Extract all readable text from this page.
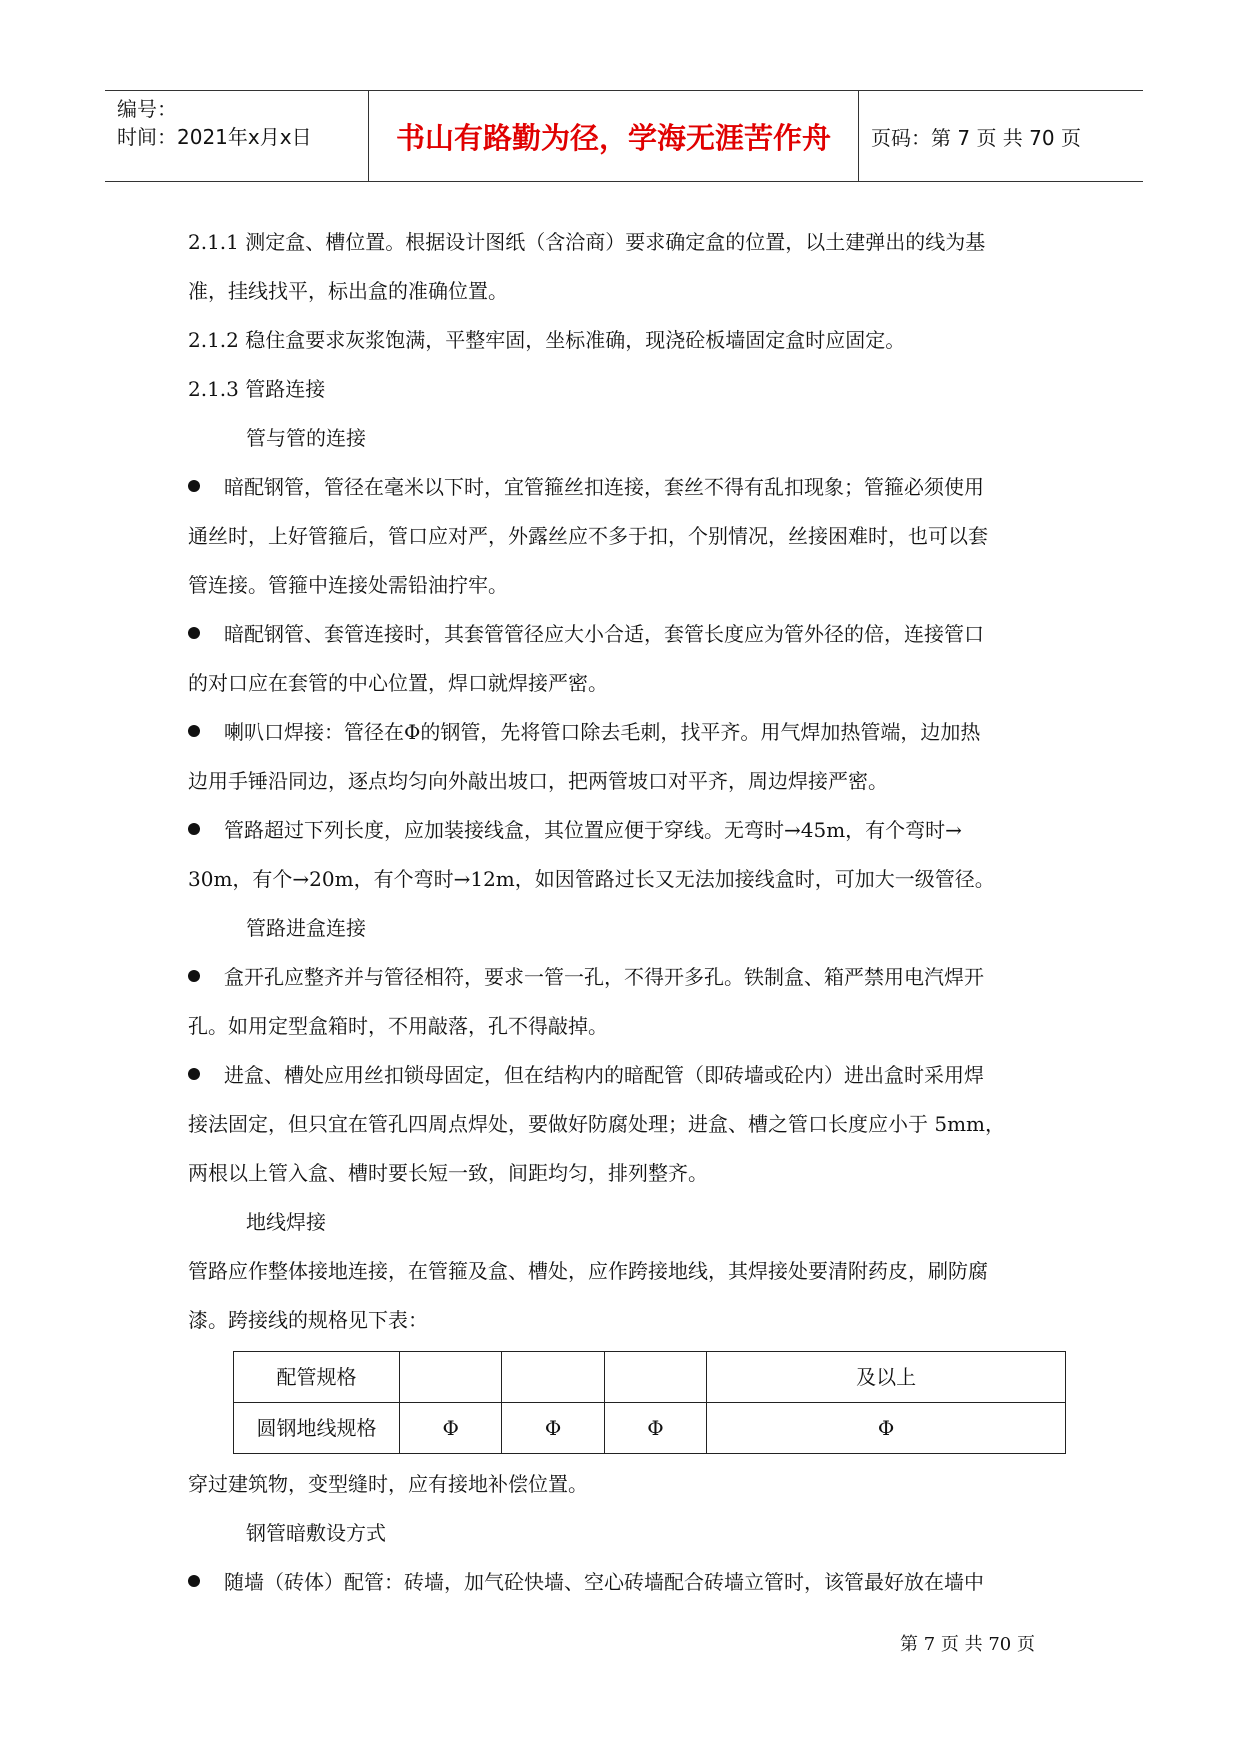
编号：
时间：2021年x月x日	书山有路勤为径，学海无涯苦作舟	页码：第 7 页 共 70 页

2.1.1 测定盒、槽位置。根据设计图纸（含洽商）要求确定盒的位置，以土建弹出的线为基

准，挂线找平，标出盒的准确位置。

2.1.2 稳住盒要求灰浆饱满，平整牢固，坐标准确，现浇砼板墙固定盒时应固定。

2.1.3 管路连接

管与管的连接

暗配钢管，管径在毫米以下时，宜管箍丝扣连接，套丝不得有乱扣现象；管箍必须使用

通丝时，上好管箍后，管口应对严，外露丝应不多于扣，个别情况，丝接困难时，也可以套

管连接。管箍中连接处需铅油拧牢。

暗配钢管、套管连接时，其套管管径应大小合适，套管长度应为管外径的倍，连接管口

的对口应在套管的中心位置，焊口就焊接严密。

喇叭口焊接：管径在Φ的钢管，先将管口除去毛刺，找平齐。用气焊加热管端，边加热

边用手锤沿同边，逐点均匀向外敲出坡口，把两管坡口对平齐，周边焊接严密。

管路超过下列长度，应加装接线盒，其位置应便于穿线。无弯时→45m，有个弯时→

30m，有个→20m，有个弯时→12m，如因管路过长又无法加接线盒时，可加大一级管径。

管路进盒连接

盒开孔应整齐并与管径相符，要求一管一孔，不得开多孔。铁制盒、箱严禁用电汽焊开

孔。如用定型盒箱时，不用敲落，孔不得敲掉。

进盒、槽处应用丝扣锁母固定，但在结构内的暗配管（即砖墙或砼内）进出盒时采用焊

接法固定，但只宜在管孔四周点焊处，要做好防腐处理；进盒、槽之管口长度应小于 5mm，

两根以上管入盒、槽时要长短一致，间距均匀，排列整齐。

地线焊接

管路应作整体接地连接，在管箍及盒、槽处，应作跨接地线，其焊接处要清附药皮，刷防腐

漆。跨接线的规格见下表：

配管规格				及以上
圆钢地线规格	Φ	Φ	Φ	Φ

穿过建筑物，变型缝时，应有接地补偿位置。

钢管暗敷设方式

随墙（砖体）配管：砖墙，加气砼快墙、空心砖墙配合砖墙立管时，该管最好放在墙中

第 7 页 共 70 页
